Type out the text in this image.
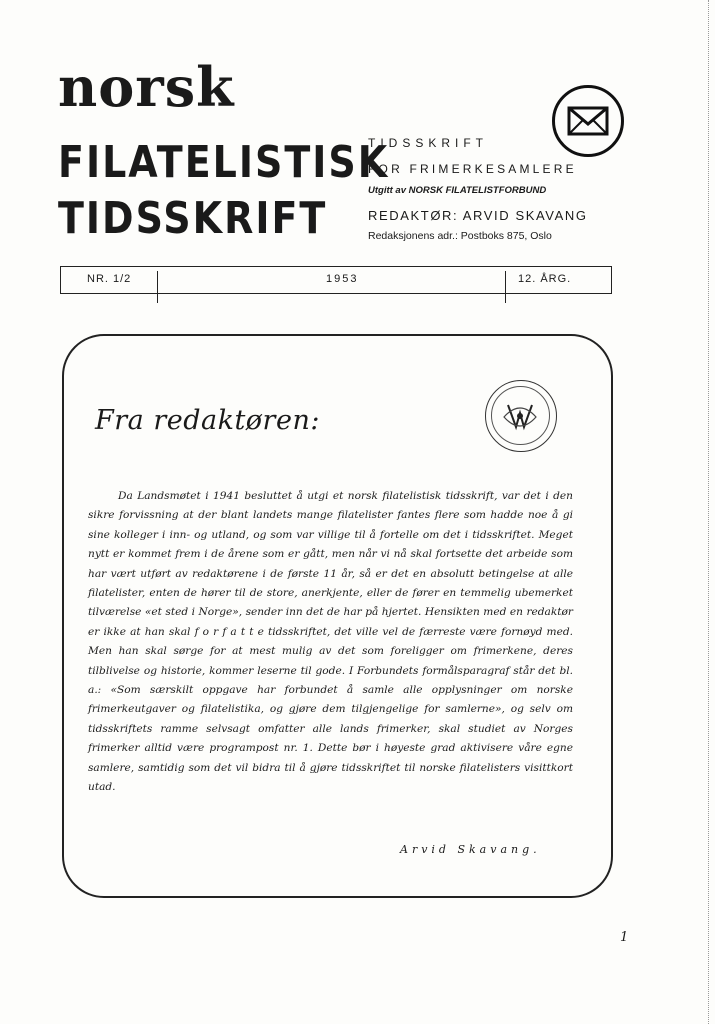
norsk
FILATELISTISK
TIDSSKRIFT
TIDSSKRIFT
FOR FRIMERKESAMLERE
Utgitt av NORSK FILATELISTFORBUND
REDAKTØR: ARVID SKAVANG
Redaksjonens adr.: Postboks 875, Oslo
NR. 1/2	1953	12. ÅRG.
Fra redaktøren:

Da Landsmøtet i 1941 besluttet å utgi et norsk filatelistisk tidsskrift, var det i den sikre forvissning at der blant landets mange filatelister fantes flere som hadde noe å gi sine kolleger i inn- og utland, og som var villige til å fortelle om det i tidsskriftet. Meget nytt er kommet frem i de årene som er gått, men når vi nå skal fortsette det arbeide som har vært utført av redaktørene i de første 11 år, så er det en absolutt betingelse at alle filatelister, enten de hører til de store, anerkjente, eller de fører en temmelig ubemerket tilværelse «et sted i Norge», sender inn det de har på hjertet. Hensikten med en redaktør er ikke at han skal f o r f a t t e tidsskriftet, det ville vel de færreste være fornøyd med. Men han skal sørge for at mest mulig av det som foreligger om frimerkene, deres tilblivelse og historie, kommer leserne til gode. I Forbundets formålsparagraf står det bl. a.: «Som særskilt oppgave har forbundet å samle alle opplysninger om norske frimerkeutgaver og filatelistika, og gjøre dem tilgjengelige for samlerne», og selv om tidsskriftets ramme selvsagt omfatter alle lands frimerker, skal studiet av Norges frimerker alltid være programpost nr. 1. Dette bør i høyeste grad aktivisere våre egne samlere, samtidig som det vil bidra til å gjøre tidsskriftet til norske filatelisters visittkort utad.

Arvid Skavang.
1
